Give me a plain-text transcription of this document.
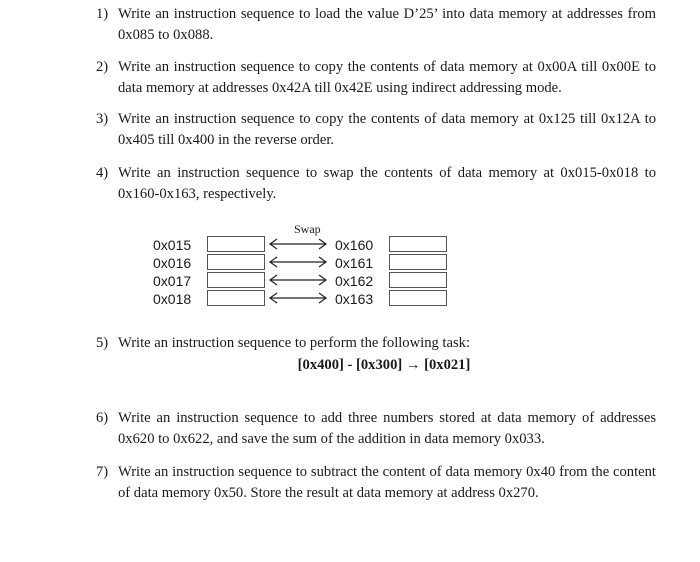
1) Write an instruction sequence to load the value D’25’ into data memory at addresses from 0x085 to 0x088.
2) Write an instruction sequence to copy the contents of data memory at 0x00A till 0x00E to data memory at addresses 0x42A till 0x42E using indirect addressing mode.
3) Write an instruction sequence to copy the contents of data memory at 0x125 till 0x12A to 0x405 till 0x400 in the reverse order.
4) Write an instruction sequence to swap the contents of data memory at 0x015-0x018 to 0x160-0x163, respectively.
Swap
0x015
0x016
0x017
0x018
0x160
0x161
0x162
0x163
5) Write an instruction sequence to perform the following task:
[0x400] - [0x300] → [0x021]
6) Write an instruction sequence to add three numbers stored at data memory of addresses 0x620 to 0x622, and save the sum of the addition in data memory 0x033.
7) Write an instruction sequence to subtract the content of data memory 0x40 from the content of data memory 0x50. Store the result at data memory at address 0x270.
